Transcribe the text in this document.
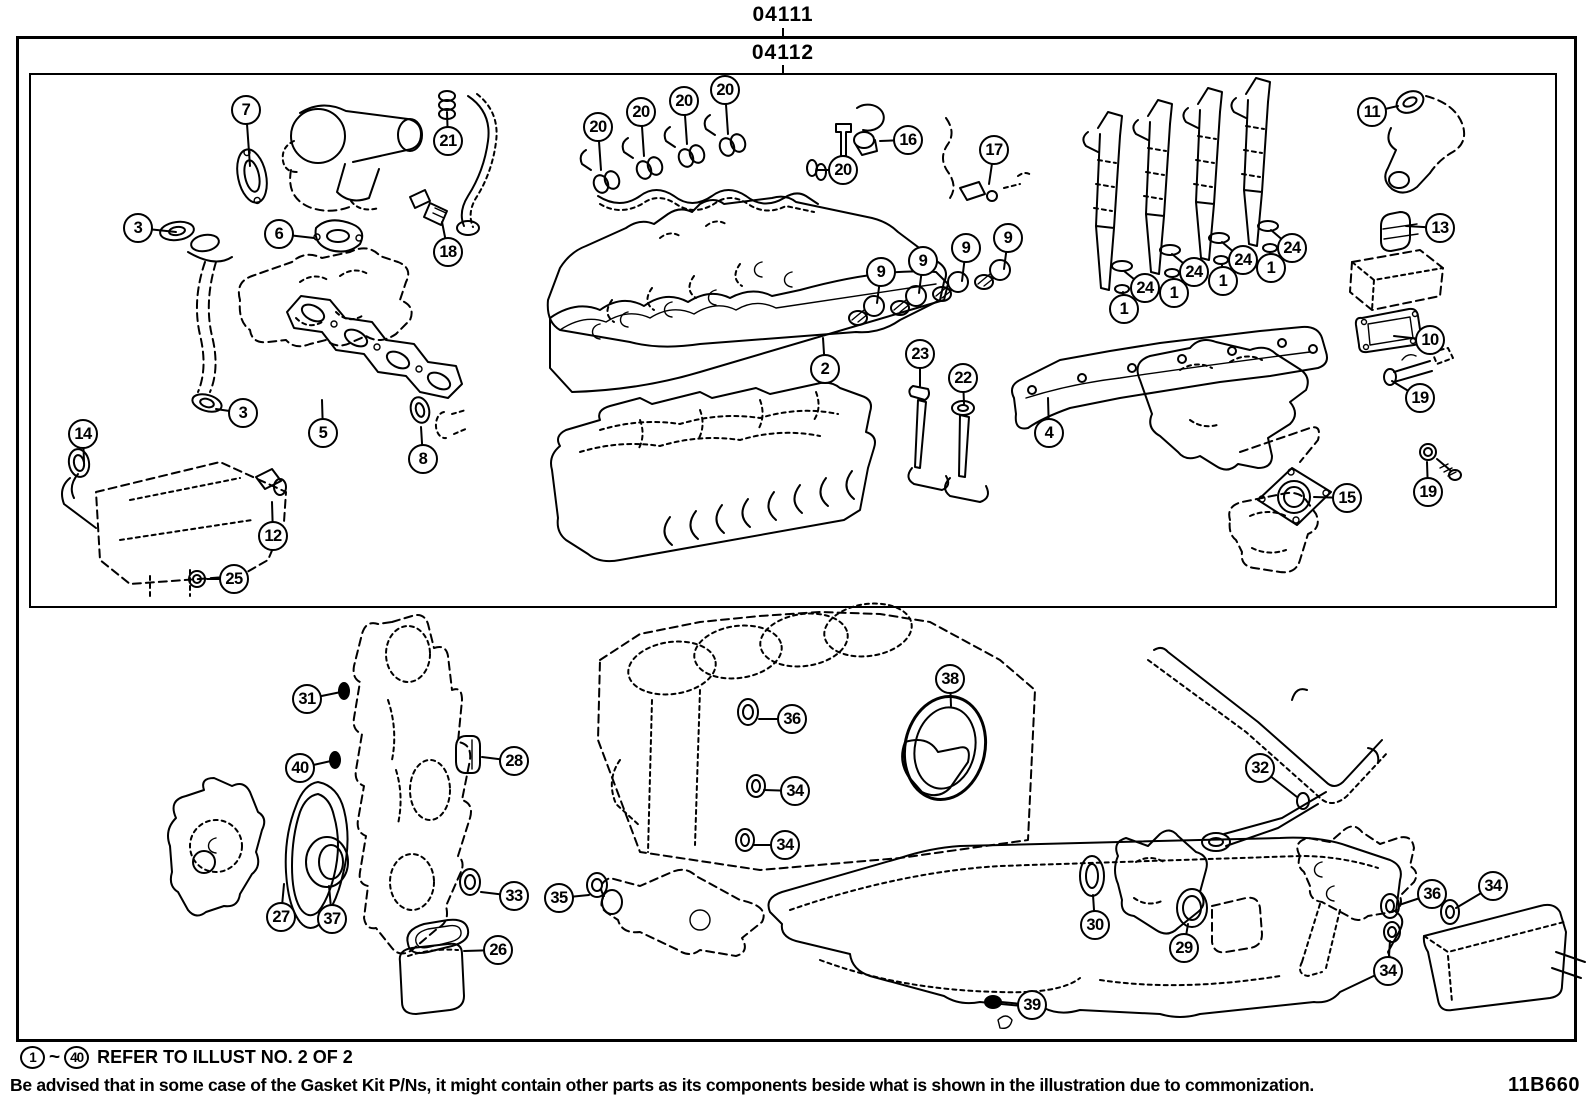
04111
04112
7
21
3	6
18
20
20
20
20
20
16
17
9
9
9
9
2
23
22
3
5
8
14
12
25
24
1
24
1
24
1
24
1
11
13
10
4
19
19
15
31
40	28
27	37
33	35
26
36
34
34
38
39
32
30
29
36	34
34
1 ~ 40 REFER TO ILLUST NO. 2 OF 2
Be advised that in some case of the Gasket Kit P/Ns, it might contain other parts as its components beside what is shown in the illustration due to commonization.	11B660
